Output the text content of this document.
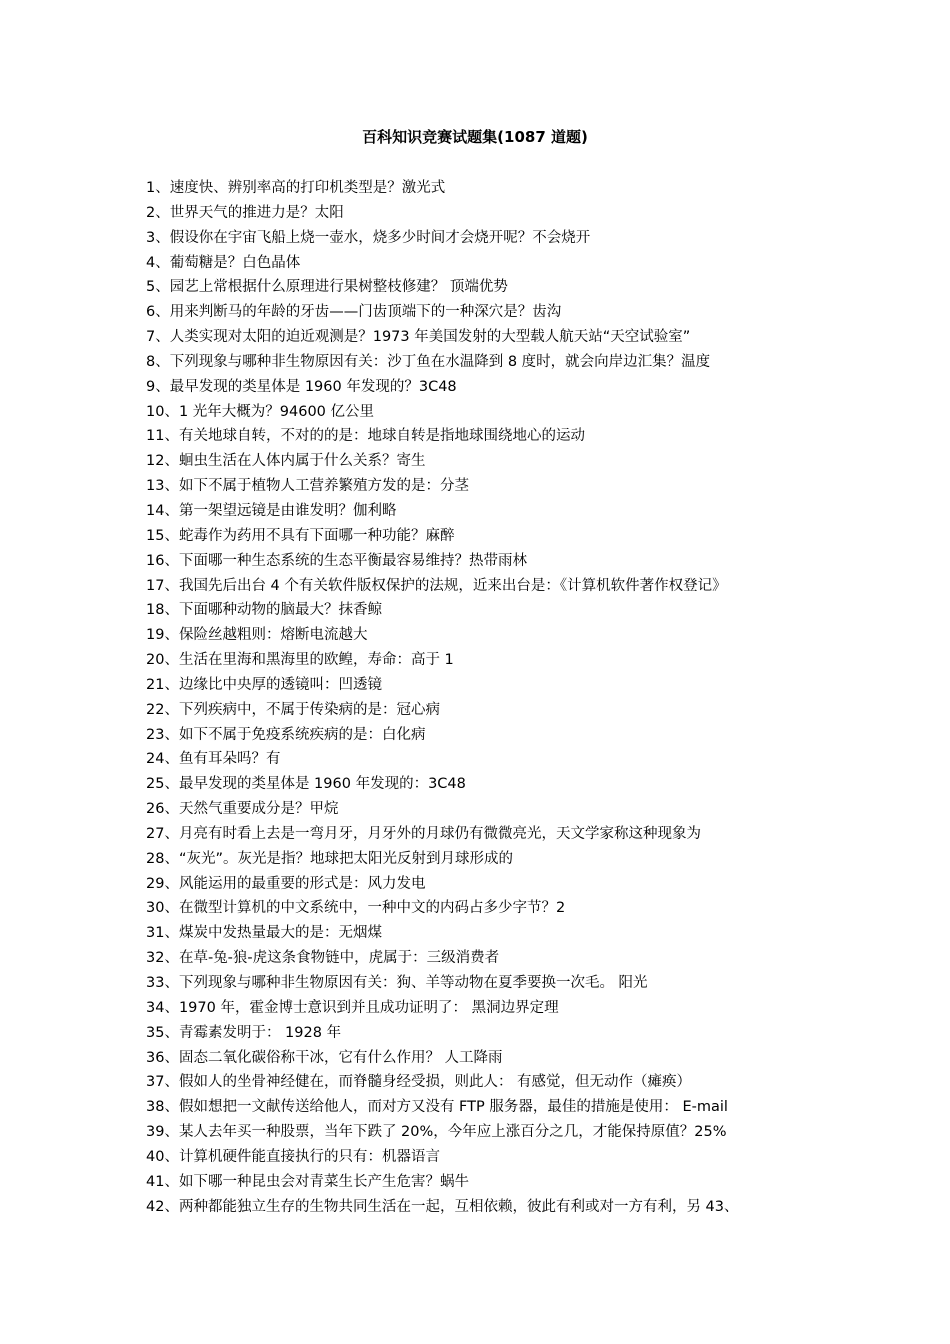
百科知识竞赛试题集(1087 道题)
1、速度快、辨别率高的打印机类型是？激光式
2、世界天气的推进力是？太阳
3、假设你在宇宙飞船上烧一壶水，烧多少时间才会烧开呢？不会烧开
4、葡萄糖是？白色晶体
5、园艺上常根据什么原理进行果树整枝修建？ 顶端优势
6、用来判断马的年龄的牙齿——门齿顶端下的一种深穴是？齿沟
7、人类实现对太阳的迫近观测是？1973 年美国发射的大型载人航天站“天空试验室”
8、下列现象与哪种非生物原因有关：沙丁鱼在水温降到 8 度时，就会向岸边汇集？温度
9、最早发现的类星体是 1960 年发现的？3C48
10、1 光年大概为？94600 亿公里
11、有关地球自转，不对的的是：地球自转是指地球围绕地心的运动
12、蛔虫生活在人体内属于什么关系？寄生
13、如下不属于植物人工营养繁殖方发的是：分茎
14、第一架望远镜是由谁发明？伽利略
15、蛇毒作为药用不具有下面哪一种功能？麻醉
16、下面哪一种生态系统的生态平衡最容易维持？热带雨林
17、我国先后出台 4 个有关软件版权保护的法规，近来出台是：《计算机软件著作权登记》
18、下面哪种动物的脑最大？抹香鲸
19、保险丝越粗则：熔断电流越大
20、生活在里海和黑海里的欧鳇，寿命：高于 1
21、边缘比中央厚的透镜叫：凹透镜
22、下列疾病中，不属于传染病的是：冠心病
23、如下不属于免疫系统疾病的是：白化病
24、鱼有耳朵吗？有
25、最早发现的类星体是 1960 年发现的：3C48
26、天然气重要成分是？甲烷
27、月亮有时看上去是一弯月牙，月牙外的月球仍有微微亮光，天文学家称这种现象为
28、“灰光”。灰光是指？地球把太阳光反射到月球形成的
29、风能运用的最重要的形式是：风力发电
30、在微型计算机的中文系统中，一种中文的内码占多少字节？2
31、煤炭中发热量最大的是：无烟煤
32、在草-兔-狼-虎这条食物链中，虎属于：三级消费者
33、下列现象与哪种非生物原因有关：狗、羊等动物在夏季要换一次毛。 阳光
34、1970 年，霍金博士意识到并且成功证明了： 黑洞边界定理
35、青霉素发明于： 1928 年
36、固态二氧化碳俗称干冰，它有什么作用？ 人工降雨
37、假如人的坐骨神经健在，而脊髓身经受损，则此人： 有感觉，但无动作（瘫痪）
38、假如想把一文献传送给他人，而对方又没有 FTP 服务器，最佳的措施是使用： E-mail
39、某人去年买一种股票，当年下跌了 20%，今年应上涨百分之几，才能保持原值？25%
40、计算机硬件能直接执行的只有：机器语言
41、如下哪一种昆虫会对青菜生长产生危害？蜗牛
42、两种都能独立生存的生物共同生活在一起，互相依赖，彼此有利或对一方有利，另 43、
